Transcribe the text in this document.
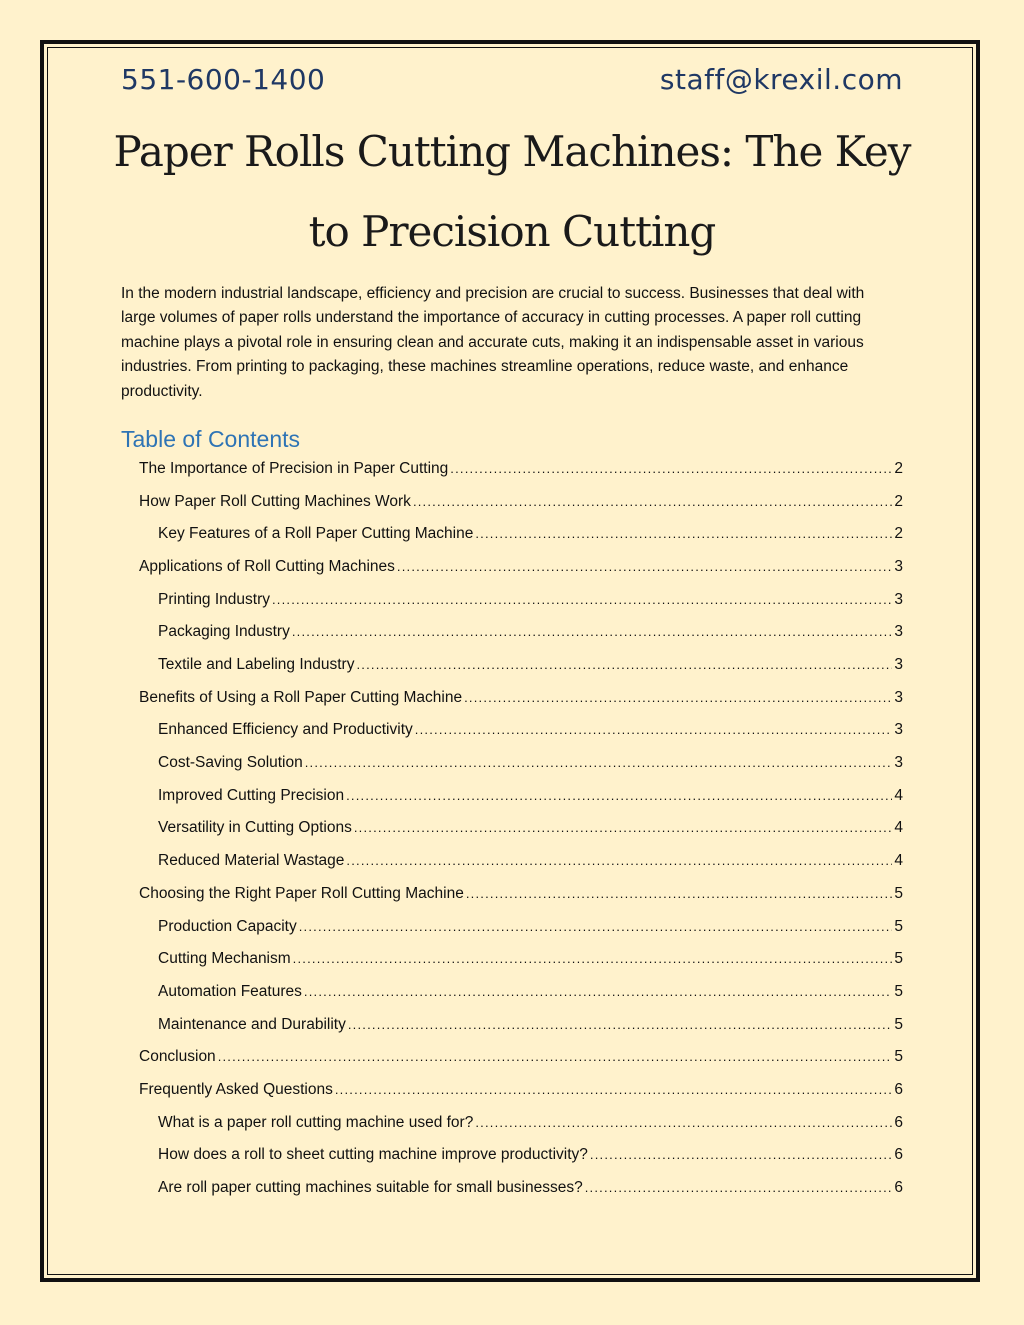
551-600-1400	staff@krexil.com
Paper Rolls Cutting Machines: The Key to Precision Cutting

In the modern industrial landscape, efficiency and precision are crucial to success. Businesses that deal with large volumes of paper rolls understand the importance of accuracy in cutting processes. A paper roll cutting machine plays a pivotal role in ensuring clean and accurate cuts, making it an indispensable asset in various industries. From printing to packaging, these machines streamline operations, reduce waste, and enhance productivity.

Table of Contents
The Importance of Precision in Paper Cutting .....	2
How Paper Roll Cutting Machines Work .....	2
Key Features of a Roll Paper Cutting Machine .....	2
Applications of Roll Cutting Machines .....	3
Printing Industry .....	3
Packaging Industry .....	3
Textile and Labeling Industry .....	3
Benefits of Using a Roll Paper Cutting Machine .....	3
Enhanced Efficiency and Productivity .....	3
Cost-Saving Solution .....	3
Improved Cutting Precision .....	4
Versatility in Cutting Options .....	4
Reduced Material Wastage .....	4
Choosing the Right Paper Roll Cutting Machine .....	5
Production Capacity .....	5
Cutting Mechanism .....	5
Automation Features .....	5
Maintenance and Durability .....	5
Conclusion .....	5
Frequently Asked Questions .....	6
What is a paper roll cutting machine used for? .....	6
How does a roll to sheet cutting machine improve productivity? .....	6
Are roll paper cutting machines suitable for small businesses? .....	6
